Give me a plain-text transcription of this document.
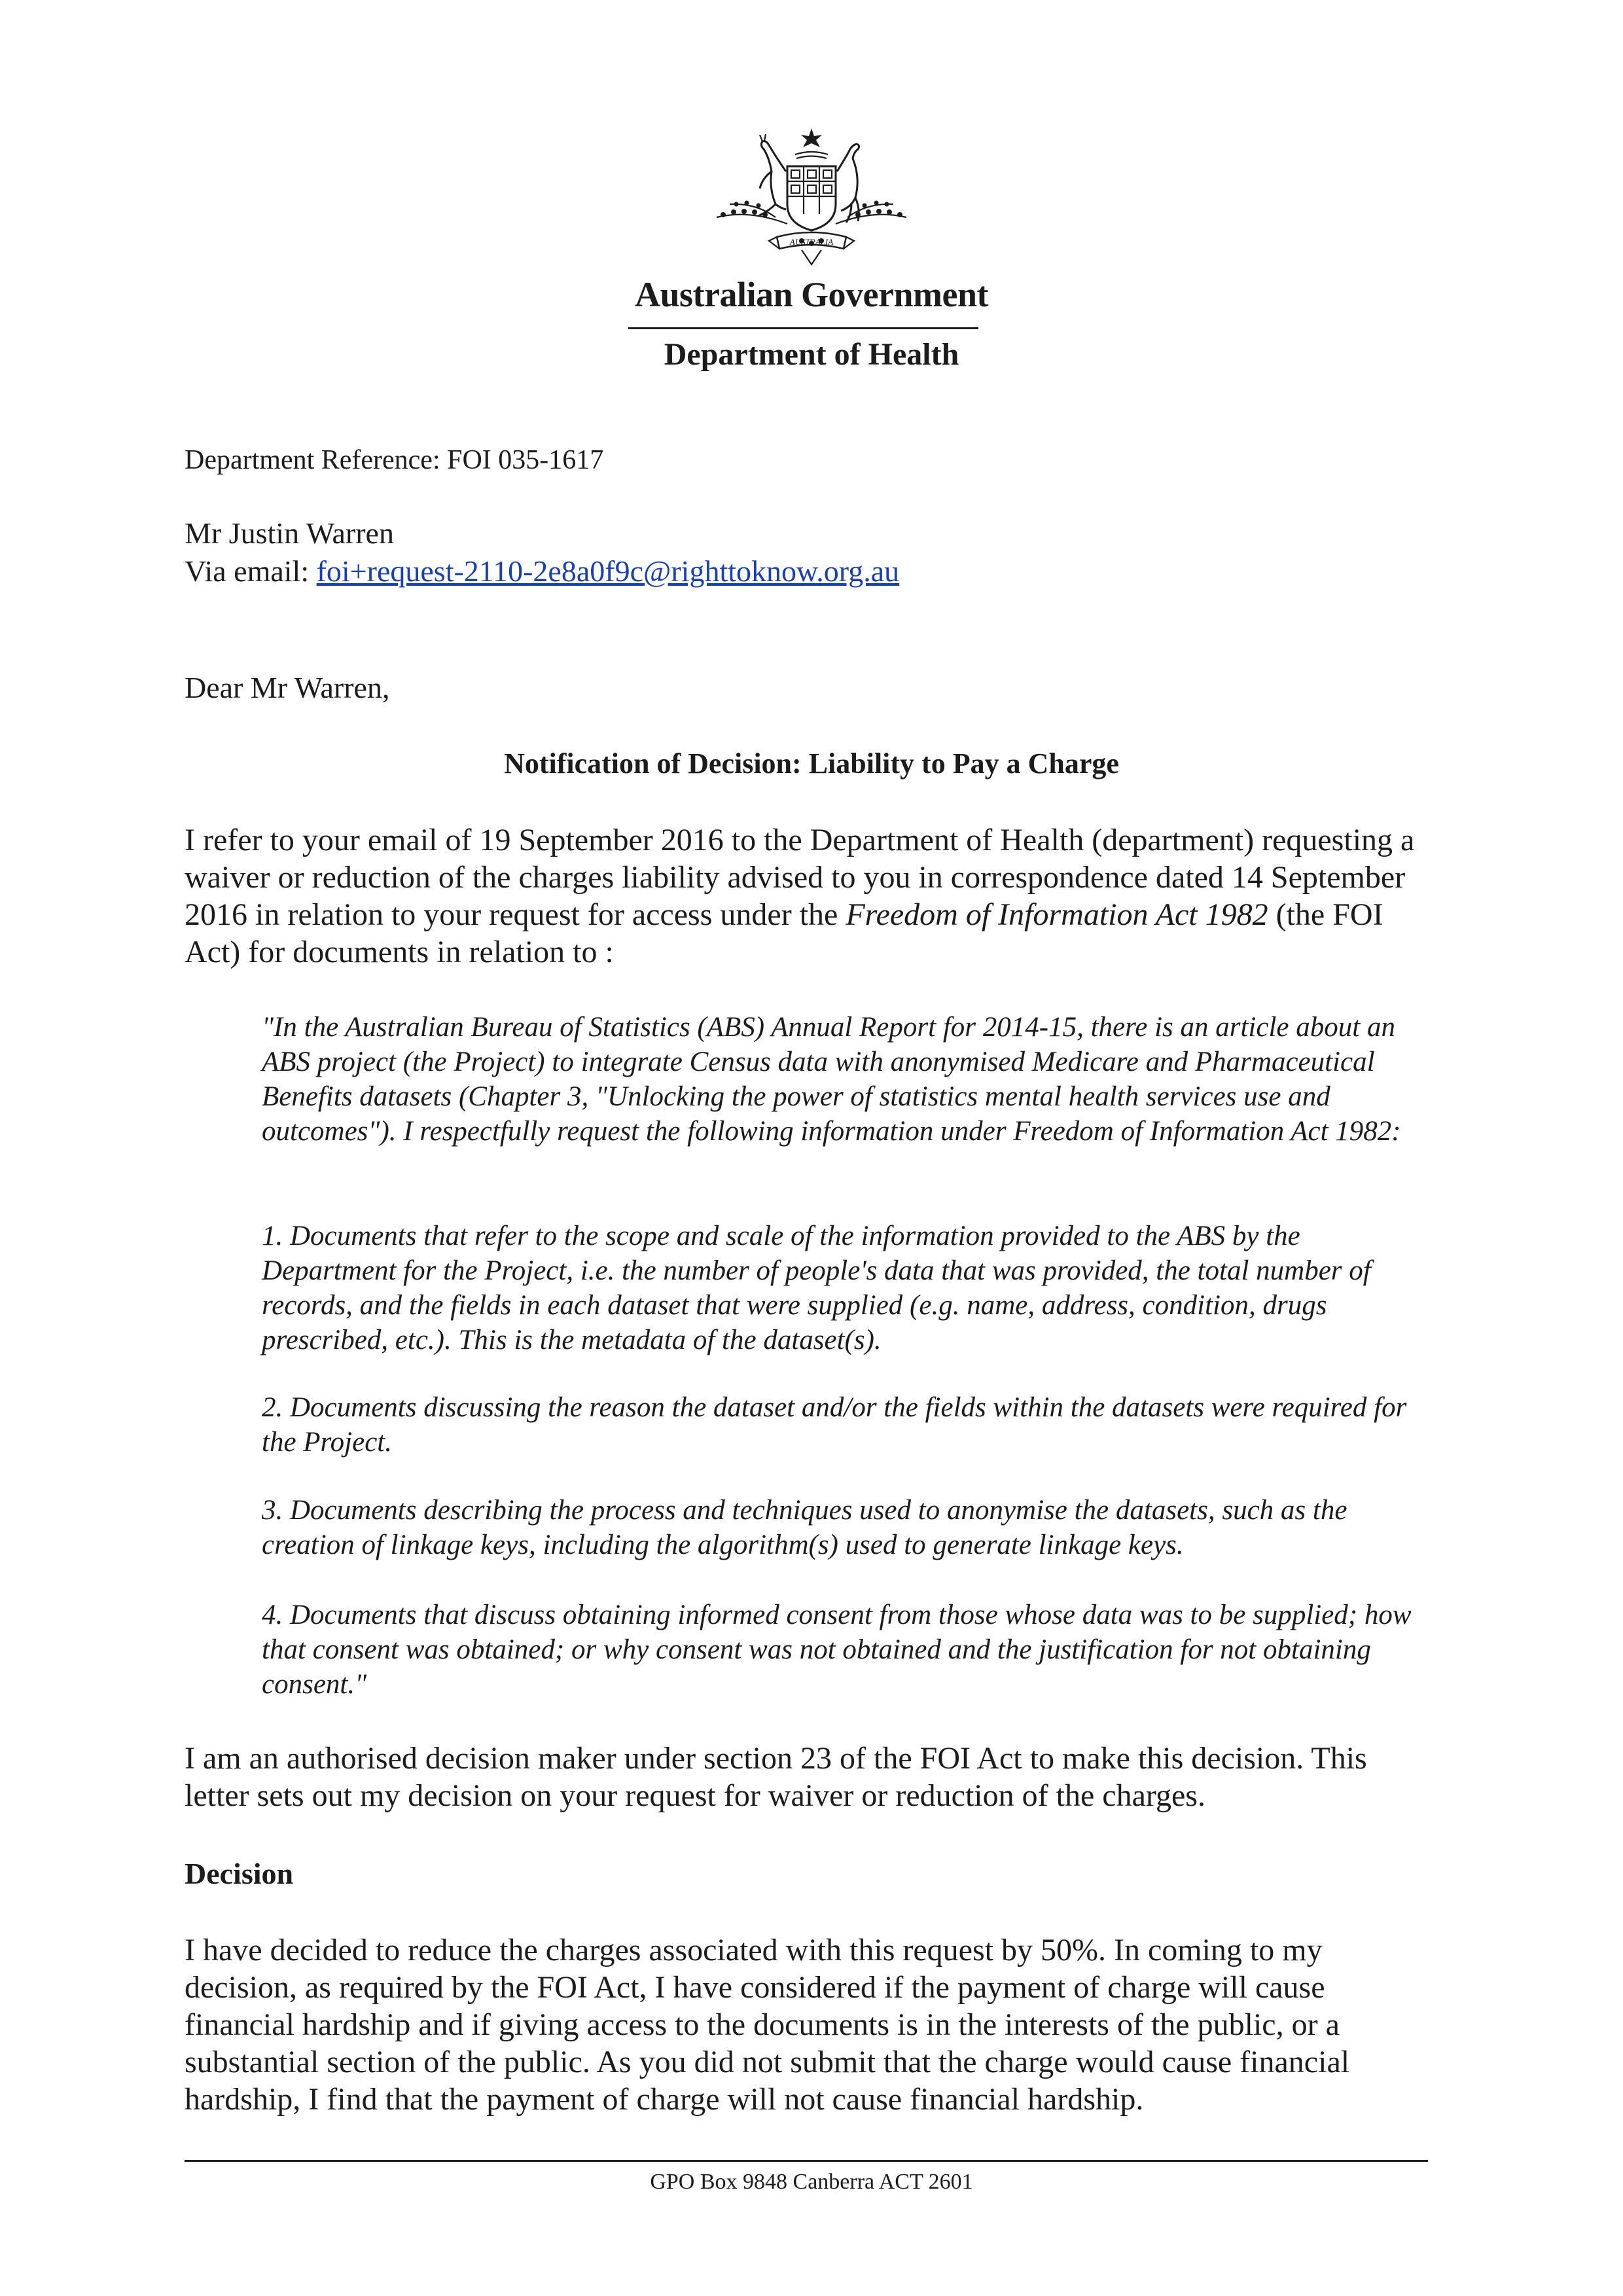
AUSTRALIA
Australian Government
Department of Health
Department Reference: FOI 035-1617
Mr Justin Warren
Via email: foi+request-2110-2e8a0f9c@righttoknow.org.au
Dear Mr Warren,
Notification of Decision: Liability to Pay a Charge
I refer to your email of 19 September 2016 to the Department of Health (department) requesting a waiver or reduction of the charges liability advised to you in correspondence dated 14 September 2016 in relation to your request for access under the Freedom of Information Act 1982 (the FOI Act) for documents in relation to :
"In the Australian Bureau of Statistics (ABS) Annual Report for 2014-15, there is an article about an ABS project (the Project) to integrate Census data with anonymised Medicare and Pharmaceutical Benefits datasets (Chapter 3, "Unlocking the power of statistics mental health services use and outcomes"). I respectfully request the following information under Freedom of Information Act 1982:
1. Documents that refer to the scope and scale of the information provided to the ABS by the Department for the Project, i.e. the number of people's data that was provided, the total number of records, and the fields in each dataset that were supplied (e.g. name, address, condition, drugs prescribed, etc.). This is the metadata of the dataset(s).
2. Documents discussing the reason the dataset and/or the fields within the datasets were required for the Project.
3. Documents describing the process and techniques used to anonymise the datasets, such as the creation of linkage keys, including the algorithm(s) used to generate linkage keys.
4. Documents that discuss obtaining informed consent from those whose data was to be supplied; how that consent was obtained; or why consent was not obtained and the justification for not obtaining consent."
I am an authorised decision maker under section 23 of the FOI Act to make this decision. This letter sets out my decision on your request for waiver or reduction of the charges.
Decision
I have decided to reduce the charges associated with this request by 50%. In coming to my decision, as required by the FOI Act, I have considered if the payment of charge will cause financial hardship and if giving access to the documents is in the interests of the public, or a substantial section of the public. As you did not submit that the charge would cause financial hardship, I find that the payment of charge will not cause financial hardship.
GPO Box 9848 Canberra ACT 2601
